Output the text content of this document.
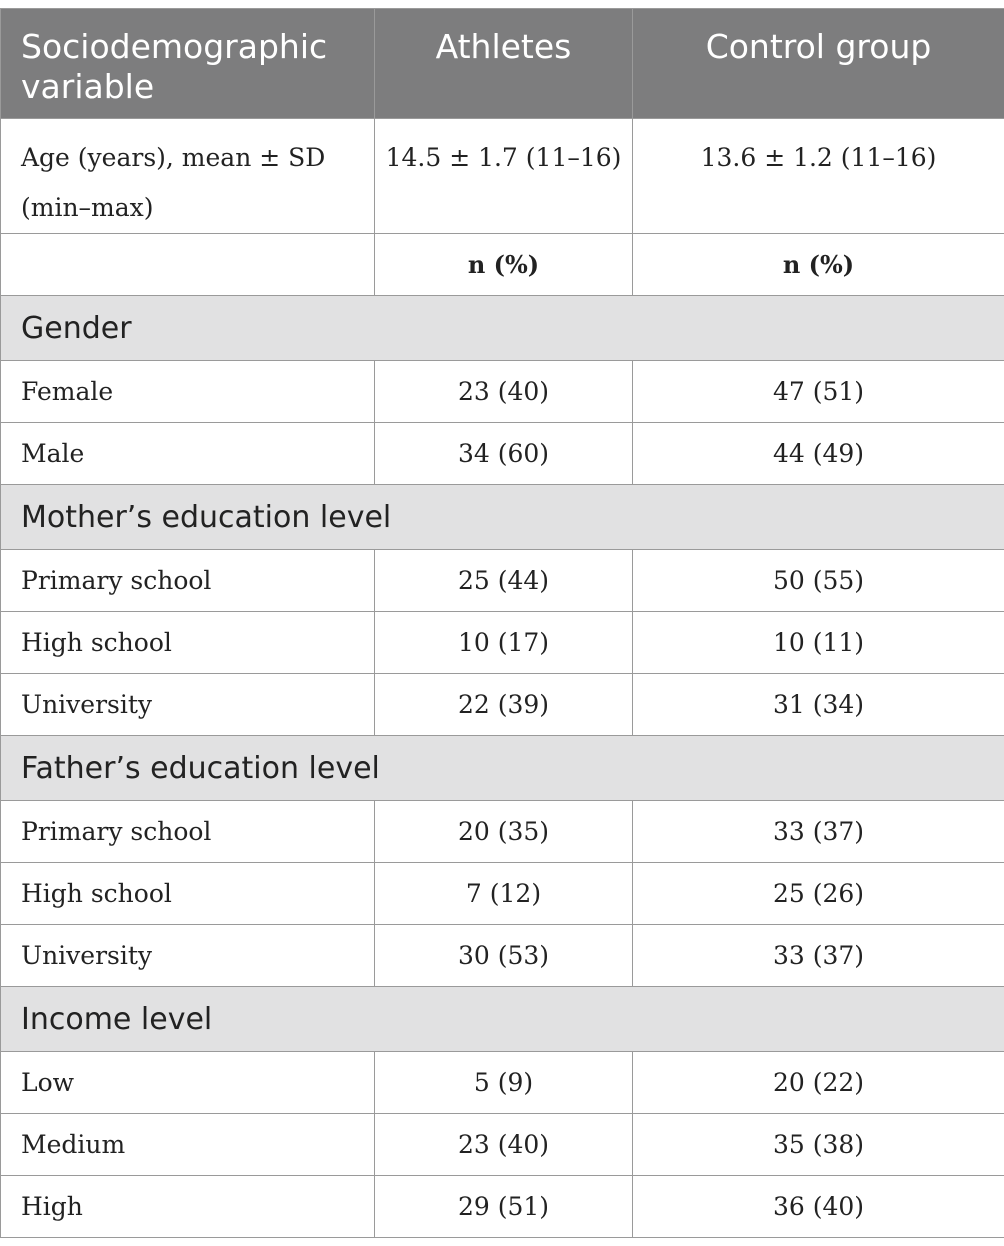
Sociodemographic variable	Athletes	Control group
Age (years), mean ± SD (min–max)	14.5 ± 1.7 (11–16)	13.6 ± 1.2 (11–16)
	n (%)	n (%)
Gender		
Female	23 (40)	47 (51)
Male	34 (60)	44 (49)
Mother’s education level		
Primary school	25 (44)	50 (55)
High school	10 (17)	10 (11)
University	22 (39)	31 (34)
Father’s education level		
Primary school	20 (35)	33 (37)
High school	7 (12)	25 (26)
University	30 (53)	33 (37)
Income level		
Low	5 (9)	20 (22)
Medium	23 (40)	35 (38)
High	29 (51)	36 (40)
